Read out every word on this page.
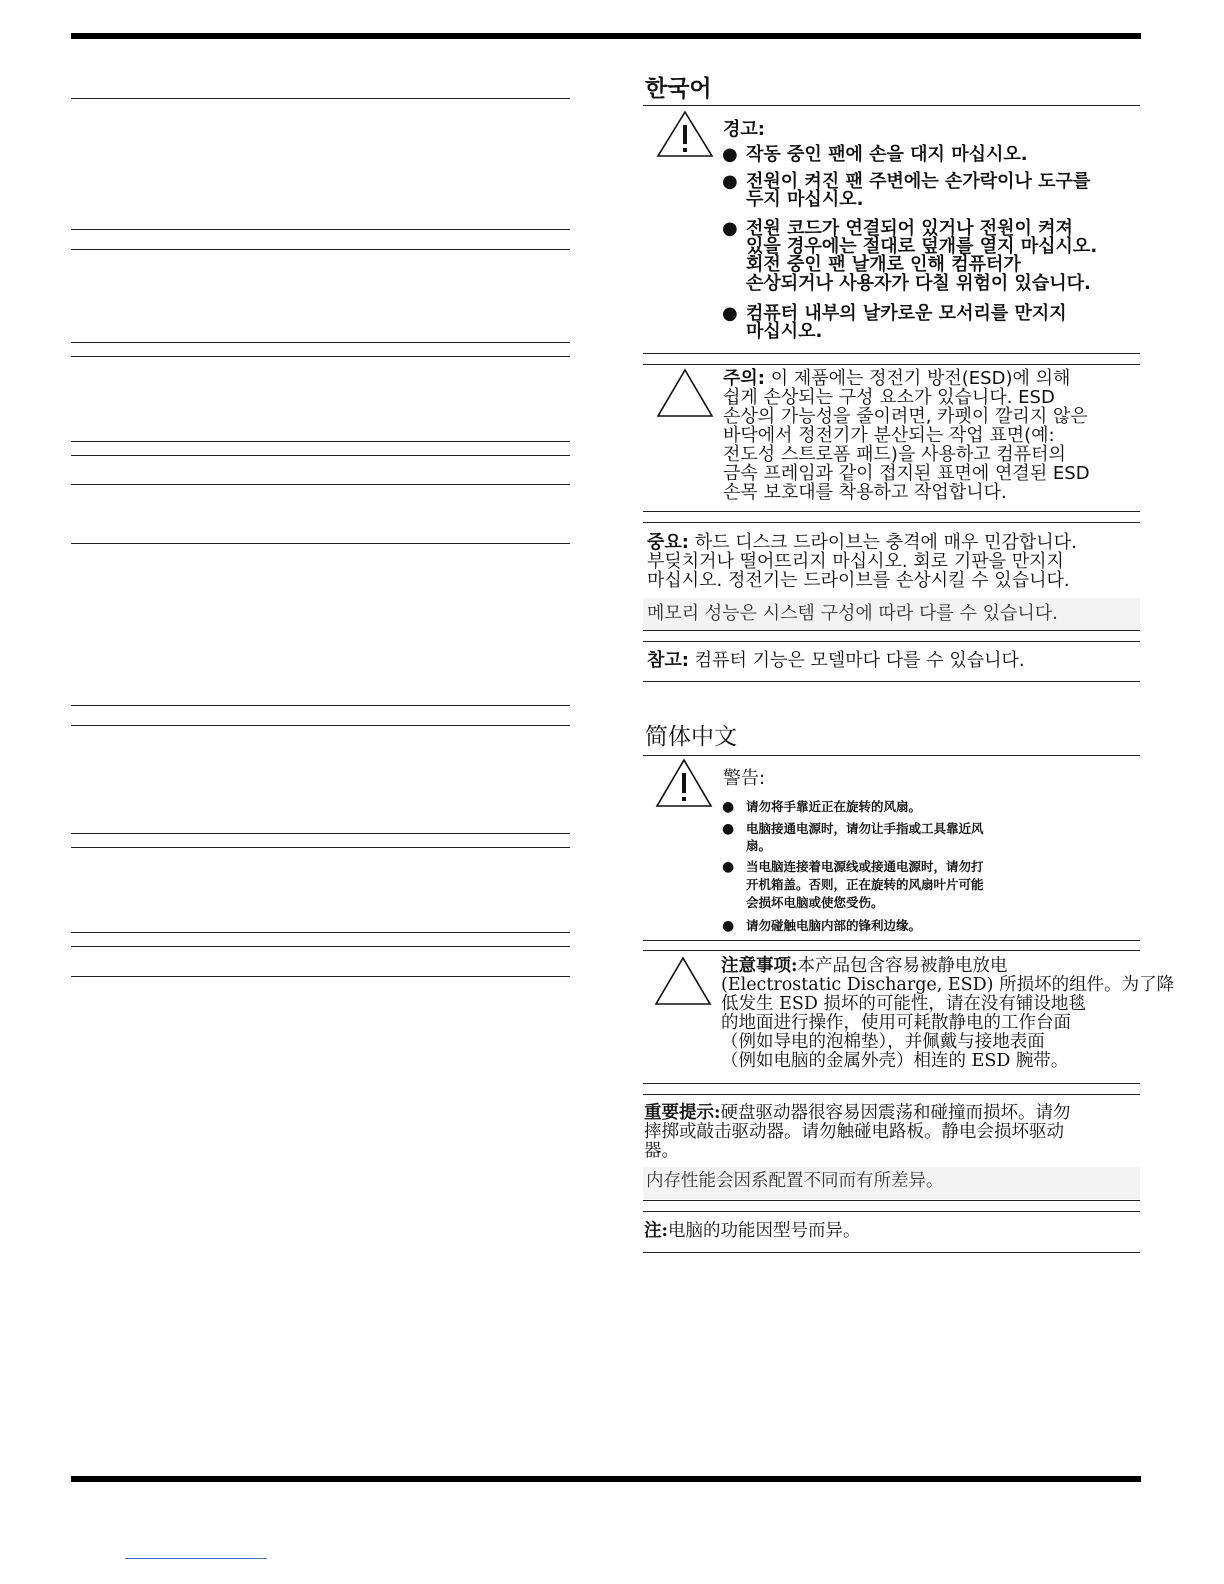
한국어
경고:
● 작동 중인 팬에 손을 대지 마십시오.
● 전원이 켜진 팬 주변에는 손가락이나 도구를
두지 마십시오.
● 전원 코드가 연결되어 있거나 전원이 켜져
있을 경우에는 절대로 덮개를 열지 마십시오.
회전 중인 팬 날개로 인해 컴퓨터가
손상되거나 사용자가 다칠 위험이 있습니다.
● 컴퓨터 내부의 날카로운 모서리를 만지지
마십시오.
주의: 이 제품에는 정전기 방전(ESD)에 의해
쉽게 손상되는 구성 요소가 있습니다. ESD
손상의 가능성을 줄이려면, 카펫이 깔리지 않은
바닥에서 정전기가 분산되는 작업 표면(예:
전도성 스트로폼 패드)을 사용하고 컴퓨터의
금속 프레임과 같이 접지된 표면에 연결된 ESD
손목 보호대를 착용하고 작업합니다.
중요: 하드 디스크 드라이브는 충격에 매우 민감합니다.
부딪치거나 떨어뜨리지 마십시오. 회로 기판을 만지지
마십시오. 정전기는 드라이브를 손상시킬 수 있습니다.
메모리 성능은 시스템 구성에 따라 다를 수 있습니다.
참고: 컴퓨터 기능은 모델마다 다를 수 있습니다.
简体中文
警告:
● 请勿将手靠近正在旋转的风扇。
● 电脑接通电源时，请勿让手指或工具靠近风
扇。
● 当电脑连接着电源线或接通电源时，请勿打
开机箱盖。否则，正在旋转的风扇叶片可能
会损坏电脑或使您受伤。
● 请勿碰触电脑内部的锋利边缘。
注意事项:本产品包含容易被静电放电
(Electrostatic Discharge, ESD) 所损坏的组件。为了降
低发生 ESD 损坏的可能性，请在没有铺设地毯
的地面进行操作，使用可耗散静电的工作台面
（例如导电的泡棉垫），并佩戴与接地表面
（例如电脑的金属外壳）相连的 ESD 腕带。
重要提示:硬盘驱动器很容易因震荡和碰撞而损坏。请勿
摔掷或敲击驱动器。请勿触碰电路板。静电会损坏驱动
器。
内存性能会因系配置不同而有所差异。
注:电脑的功能因型号而异。
